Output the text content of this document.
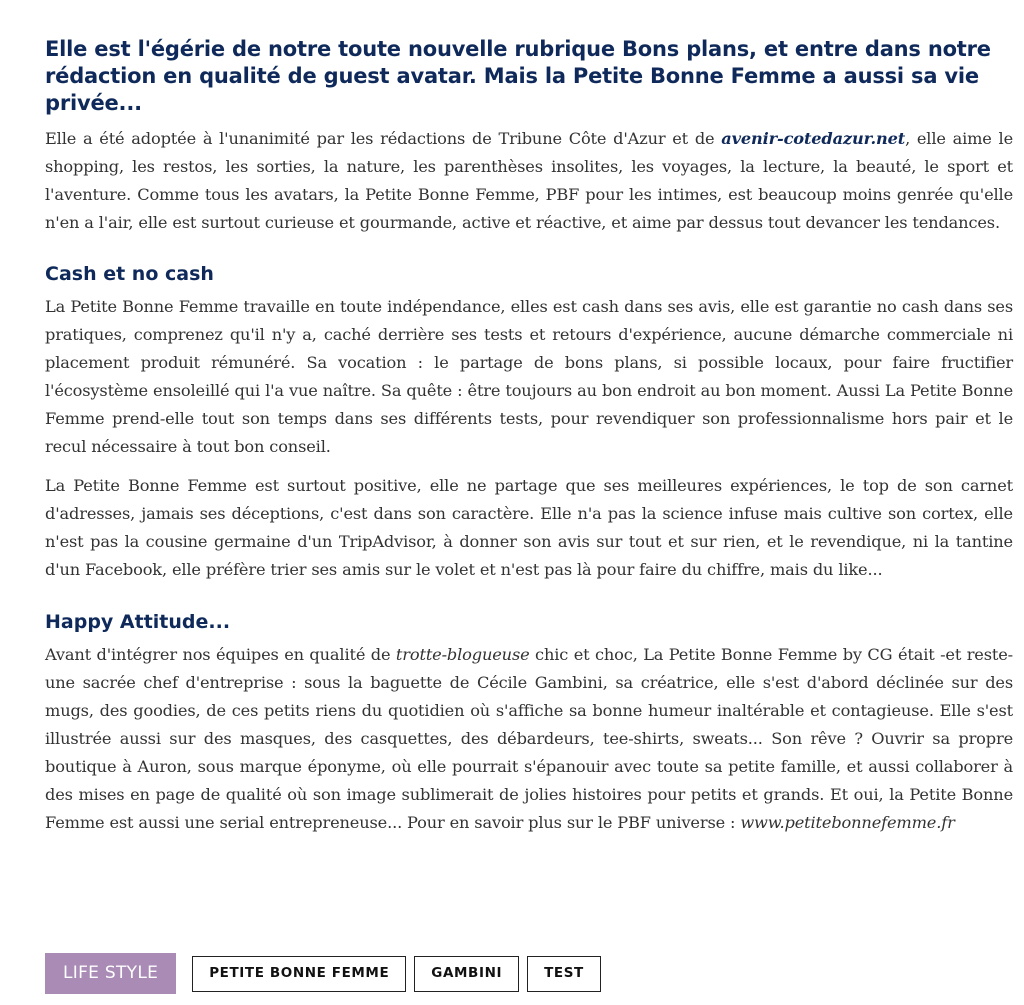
Elle est l'égérie de notre toute nouvelle rubrique Bons plans, et entre dans notre rédaction en qualité de guest avatar. Mais la Petite Bonne Femme a aussi sa vie privée...

Elle a été adoptée à l'unanimité par les rédactions de Tribune Côte d'Azur et de avenir-cotedazur.net, elle aime le shopping, les restos, les sorties, la nature, les parenthèses insolites, les voyages, la lecture, la beauté, le sport et l'aventure. Comme tous les avatars, la Petite Bonne Femme, PBF pour les intimes, est beaucoup moins genrée qu'elle n'en a l'air, elle est surtout curieuse et gourmande, active et réactive, et aime par dessus tout devancer les tendances.

Cash et no cash

La Petite Bonne Femme travaille en toute indépendance, elles est cash dans ses avis, elle est garantie no cash dans ses pratiques, comprenez qu'il n'y a, caché derrière ses tests et retours d'expérience, aucune démarche commerciale ni placement produit rémunéré. Sa vocation : le partage de bons plans, si possible locaux, pour faire fructifier l'écosystème ensoleillé qui l'a vue naître. Sa quête : être toujours au bon endroit au bon moment. Aussi La Petite Bonne Femme prend-elle tout son temps dans ses différents tests, pour revendiquer son professionnalisme hors pair et le recul nécessaire à tout bon conseil.

La Petite Bonne Femme est surtout positive, elle ne partage que ses meilleures expériences, le top de son carnet d'adresses, jamais ses déceptions, c'est dans son caractère. Elle n'a pas la science infuse mais cultive son cortex, elle n'est pas la cousine germaine d'un TripAdvisor, à donner son avis sur tout et sur rien, et le revendique, ni la tantine d'un Facebook, elle préfère trier ses amis sur le volet et n'est pas là pour faire du chiffre, mais du like...

Happy Attitude...

Avant d'intégrer nos équipes en qualité de trotte-blogueuse chic et choc, La Petite Bonne Femme by CG était -et reste- une sacrée chef d'entreprise : sous la baguette de Cécile Gambini, sa créatrice, elle s'est d'abord déclinée sur des mugs, des goodies, de ces petits riens du quotidien où s'affiche sa bonne humeur inaltérable et contagieuse. Elle s'est illustrée aussi sur des masques, des casquettes, des débardeurs, tee-shirts, sweats... Son rêve ? Ouvrir sa propre boutique à Auron, sous marque éponyme, où elle pourrait s'épanouir avec toute sa petite famille, et aussi collaborer à des mises en page de qualité où son image sublimerait de jolies histoires pour petits et grands. Et oui, la Petite Bonne Femme est aussi une serial entrepreneuse... Pour en savoir plus sur le PBF universe : www.petitebonnefemme.fr

LIFE STYLE	PETITE BONNE FEMME	GAMBINI	TEST
